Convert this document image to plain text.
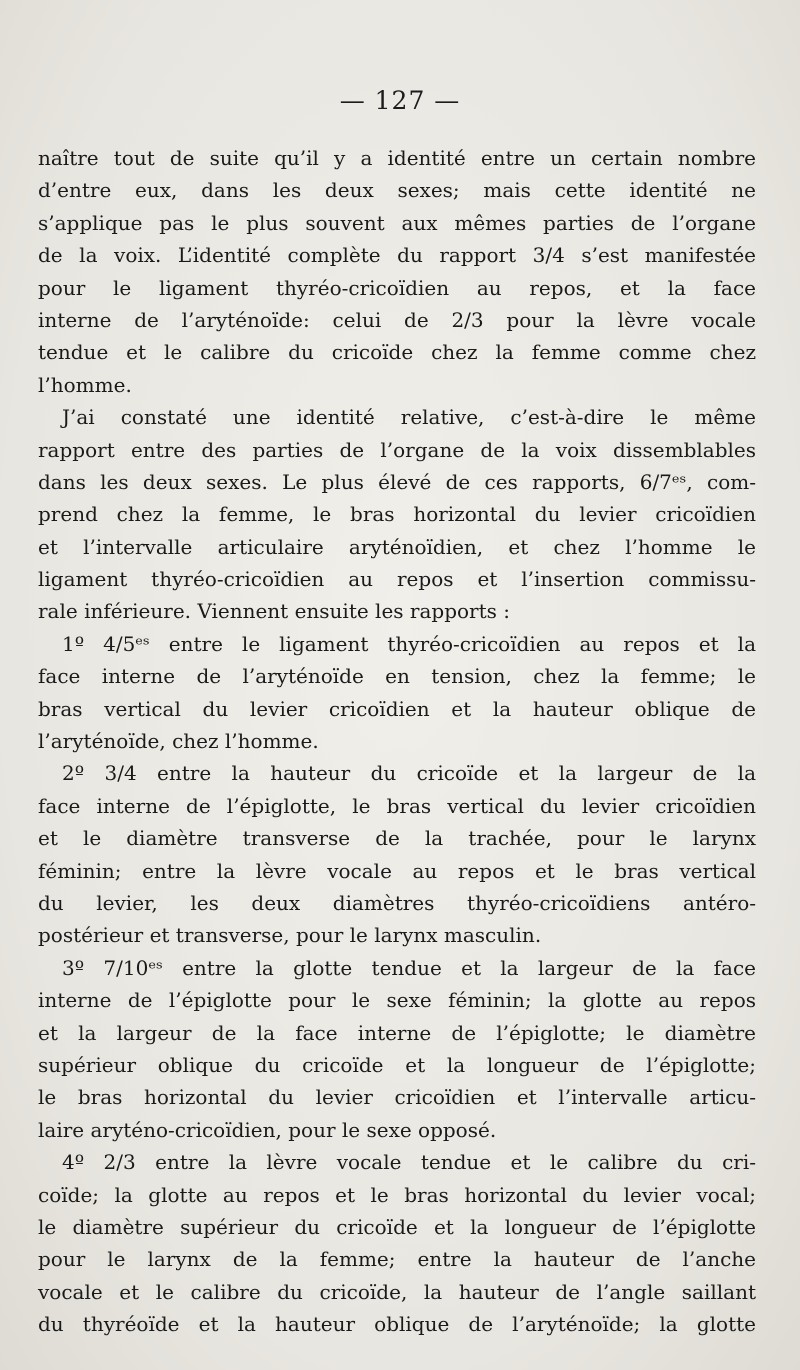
— 127 —
naître tout de suite qu’il y a identité entre un certain nombre
d’entre eux, dans les deux sexes; mais cette identité ne
s’applique pas le plus souvent aux mêmes parties de l’organe
de la voix. L’identité complète du rapport 3/4 s’est manifestée
pour le ligament thyréo-cricoïdien au repos, et la face
interne de l’aryténoïde: celui de 2/3 pour la lèvre vocale
tendue et le calibre du cricoïde chez la femme comme chez
l’homme.
J’ai constaté une identité relative, c’est-à-dire le même
rapport entre des parties de l’organe de la voix dissemblables
dans les deux sexes. Le plus élevé de ces rapports, 6/7ᵉˢ, com-
prend chez la femme, le bras horizontal du levier cricoïdien
et l’intervalle articulaire aryténoïdien, et chez l’homme le
ligament thyréo-cricoïdien au repos et l’insertion commissu-
rale inférieure. Viennent ensuite les rapports :
1º 4/5ᵉˢ entre le ligament thyréo-cricoïdien au repos et la
face interne de l’aryténoïde en tension, chez la femme; le
bras vertical du levier cricoïdien et la hauteur oblique de
l’aryténoïde, chez l’homme.
2º 3/4 entre la hauteur du cricoïde et la largeur de la
face interne de l’épiglotte, le bras vertical du levier cricoïdien
et le diamètre transverse de la trachée, pour le larynx
féminin; entre la lèvre vocale au repos et le bras vertical
du levier, les deux diamètres thyréo-cricoïdiens antéro-
postérieur et transverse, pour le larynx masculin.
3º 7/10ᵉˢ entre la glotte tendue et la largeur de la face
interne de l’épiglotte pour le sexe féminin; la glotte au repos
et la largeur de la face interne de l’épiglotte; le diamètre
supérieur oblique du cricoïde et la longueur de l’épiglotte;
le bras horizontal du levier cricoïdien et l’intervalle articu-
laire aryténo-cricoïdien, pour le sexe opposé.
4º 2/3 entre la lèvre vocale tendue et le calibre du cri-
coïde; la glotte au repos et le bras horizontal du levier vocal;
le diamètre supérieur du cricoïde et la longueur de l’épiglotte
pour le larynx de la femme; entre la hauteur de l’anche
vocale et le calibre du cricoïde, la hauteur de l’angle saillant
du thyréoïde et la hauteur oblique de l’aryténoïde; la glotte
